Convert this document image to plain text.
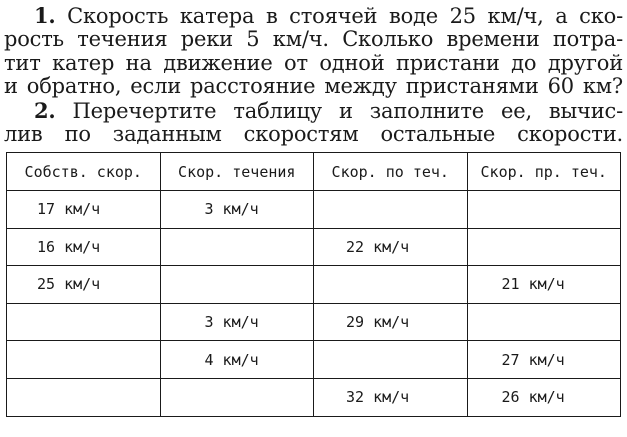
1. Скорость катера в стоячей воде 25 км/ч, а ско-
рость течения реки 5 км/ч. Сколько времени потра-
тит катер на движение от одной пристани до другой
и обратно, если расстояние между пристанями 60 км?
2. Перечертите таблицу и заполните ее, вычис-
лив по заданным скоростям остальные скорости.
Собств. скор.	Скор. течения	Скор. по теч.	Скор. пр. теч.
17 км/ч	3 км/ч		
16 км/ч		22 км/ч	
25 км/ч			21 км/ч
	3 км/ч	29 км/ч	
	4 км/ч		27 км/ч
		32 км/ч	26 км/ч
